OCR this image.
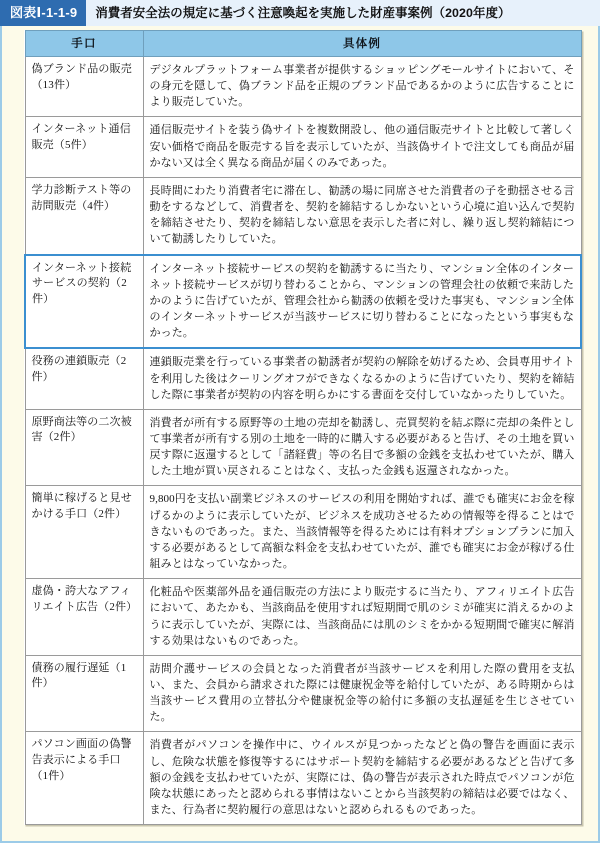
図表Ⅰ-1-1-9	消費者安全法の規定に基づく注意喚起を実施した財産事案例（2020年度）
手口	具体例
偽ブランド品の販売（13件）	デジタルプラットフォーム事業者が提供するショッピングモールサイトにおいて、その身元を隠して、偽ブランド品を正規のブランド品であるかのように広告することにより販売していた。
インターネット通信販売（5件）	通信販売サイトを装う偽サイトを複数開設し、他の通信販売サイトと比較して著しく安い価格で商品を販売する旨を表示していたが、当該偽サイトで注文しても商品が届かない又は全く異なる商品が届くのみであった。
学力診断テスト等の訪問販売（4件）	長時間にわたり消費者宅に滞在し、勧誘の場に同席させた消費者の子を動揺させる言動をするなどして、消費者を、契約を締結するしかないという心境に追い込んで契約を締結させたり、契約を締結しない意思を表示した者に対し、繰り返し契約締結について勧誘したりしていた。
インターネット接続サービスの契約（2件）	インターネット接続サービスの契約を勧誘するに当たり、マンション全体のインターネット接続サービスが切り替わることから、マンションの管理会社の依頼で来訪したかのように告げていたが、管理会社から勧誘の依頼を受けた事実も、マンション全体のインターネットサービスが当該サービスに切り替わることになったという事実もなかった。
役務の連鎖販売（2件）	連鎖販売業を行っている事業者の勧誘者が契約の解除を妨げるため、会員専用サイトを利用した後はクーリングオフができなくなるかのように告げていたり、契約を締結した際に事業者が契約の内容を明らかにする書面を交付していなかったりしていた。
原野商法等の二次被害（2件）	消費者が所有する原野等の土地の売却を勧誘し、売買契約を結ぶ際に売却の条件として事業者が所有する別の土地を一時的に購入する必要があると告げ、その土地を買い戻す際に返還するとして「諸経費」等の名目で多額の金銭を支払わせていたが、購入した土地が買い戻されることはなく、支払った金銭も返還されなかった。
簡単に稼げると見せかける手口（2件）	9,800円を支払い副業ビジネスのサービスの利用を開始すれば、誰でも確実にお金を稼げるかのように表示していたが、ビジネスを成功させるための情報等を得ることはできないものであった。また、当該情報等を得るためには有料オプションプランに加入する必要があるとして高額な料金を支払わせていたが、誰でも確実にお金が稼げる仕組みとはなっていなかった。
虚偽・誇大なアフィリエイト広告（2件）	化粧品や医薬部外品を通信販売の方法により販売するに当たり、アフィリエイト広告において、あたかも、当該商品を使用すれば短期間で肌のシミが確実に消えるかのように表示していたが、実際には、当該商品には肌のシミをかかる短期間で確実に解消する効果はないものであった。
債務の履行遅延（1件）	訪問介護サービスの会員となった消費者が当該サービスを利用した際の費用を支払い、また、会員から請求された際には健康祝金等を給付していたが、ある時期からは当該サービス費用の立替払分や健康祝金等の給付に多額の支払遅延を生じさせていた。
パソコン画面の偽警告表示による手口（1件）	消費者がパソコンを操作中に、ウイルスが見つかったなどと偽の警告を画面に表示し、危険な状態を修復等するにはサポート契約を締結する必要があるなどと告げて多額の金銭を支払わせていたが、実際には、偽の警告が表示された時点でパソコンが危険な状態にあったと認められる事情はないことから当該契約の締結は必要ではなく、また、行為者に契約履行の意思はないと認められるものであった。
